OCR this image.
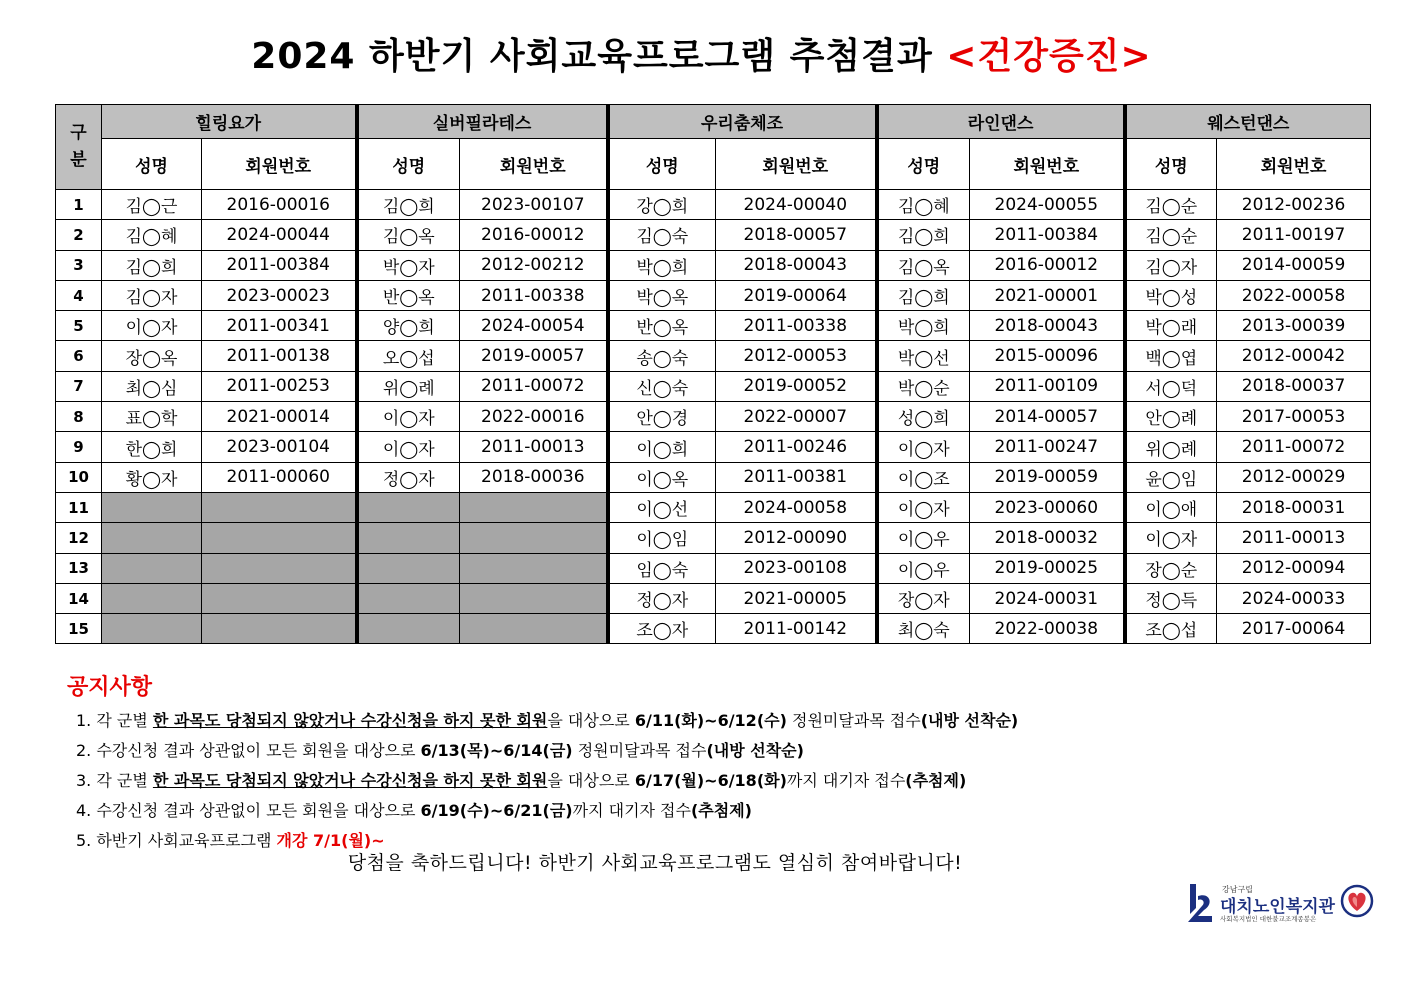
2024 하반기 사회교육프로그램 추첨결과 <건강증진>
구
분	힐링요가		실버필라테스		우리춤체조		라인댄스		웨스턴댄스	
	성명	회원번호	성명	회원번호	성명	회원번호	성명	회원번호	성명	회원번호
1	김◯근	2016-00016	김◯희	2023-00107	강◯희	2024-00040	김◯혜	2024-00055	김◯순	2012-00236
2	김◯혜	2024-00044	김◯옥	2016-00012	김◯숙	2018-00057	김◯희	2011-00384	김◯순	2011-00197
3	김◯희	2011-00384	박◯자	2012-00212	박◯희	2018-00043	김◯옥	2016-00012	김◯자	2014-00059
4	김◯자	2023-00023	반◯옥	2011-00338	박◯옥	2019-00064	김◯희	2021-00001	박◯성	2022-00058
5	이◯자	2011-00341	양◯희	2024-00054	반◯옥	2011-00338	박◯희	2018-00043	박◯래	2013-00039
6	장◯옥	2011-00138	오◯섭	2019-00057	송◯숙	2012-00053	박◯선	2015-00096	백◯엽	2012-00042
7	최◯심	2011-00253	위◯례	2011-00072	신◯숙	2019-00052	박◯순	2011-00109	서◯덕	2018-00037
8	표◯학	2021-00014	이◯자	2022-00016	안◯경	2022-00007	성◯희	2014-00057	안◯례	2017-00053
9	한◯희	2023-00104	이◯자	2011-00013	이◯희	2011-00246	이◯자	2011-00247	위◯례	2011-00072
10	황◯자	2011-00060	정◯자	2018-00036	이◯옥	2011-00381	이◯조	2019-00059	윤◯임	2012-00029
11					이◯선	2024-00058	이◯자	2023-00060	이◯애	2018-00031
12					이◯임	2012-00090	이◯우	2018-00032	이◯자	2011-00013
13					임◯숙	2023-00108	이◯우	2019-00025	장◯순	2012-00094
14					정◯자	2021-00005	장◯자	2024-00031	정◯득	2024-00033
15					조◯자	2011-00142	최◯숙	2022-00038	조◯섭	2017-00064
공지사항
1. 각 군별 한 과목도 당첨되지 않았거나 수강신청을 하지 못한 회원을 대상으로 6/11(화)~6/12(수) 정원미달과목 접수(내방 선착순)
2. 수강신청 결과 상관없이 모든 회원을 대상으로 6/13(목)~6/14(금) 정원미달과목 접수(내방 선착순)
3. 각 군별 한 과목도 당첨되지 않았거나 수강신청을 하지 못한 회원을 대상으로 6/17(월)~6/18(화)까지 대기자 접수(추첨제)
4. 수강신청 결과 상관없이 모든 회원을 대상으로 6/19(수)~6/21(금)까지 대기자 접수(추첨제)
5. 하반기 사회교육프로그램 개강 7/1(월)~
당첨을 축하드립니다! 하반기 사회교육프로그램도 열심히 참여바랍니다!
강남구립
대치노인복지관
사회복지법인 대한불교조계종봉은
